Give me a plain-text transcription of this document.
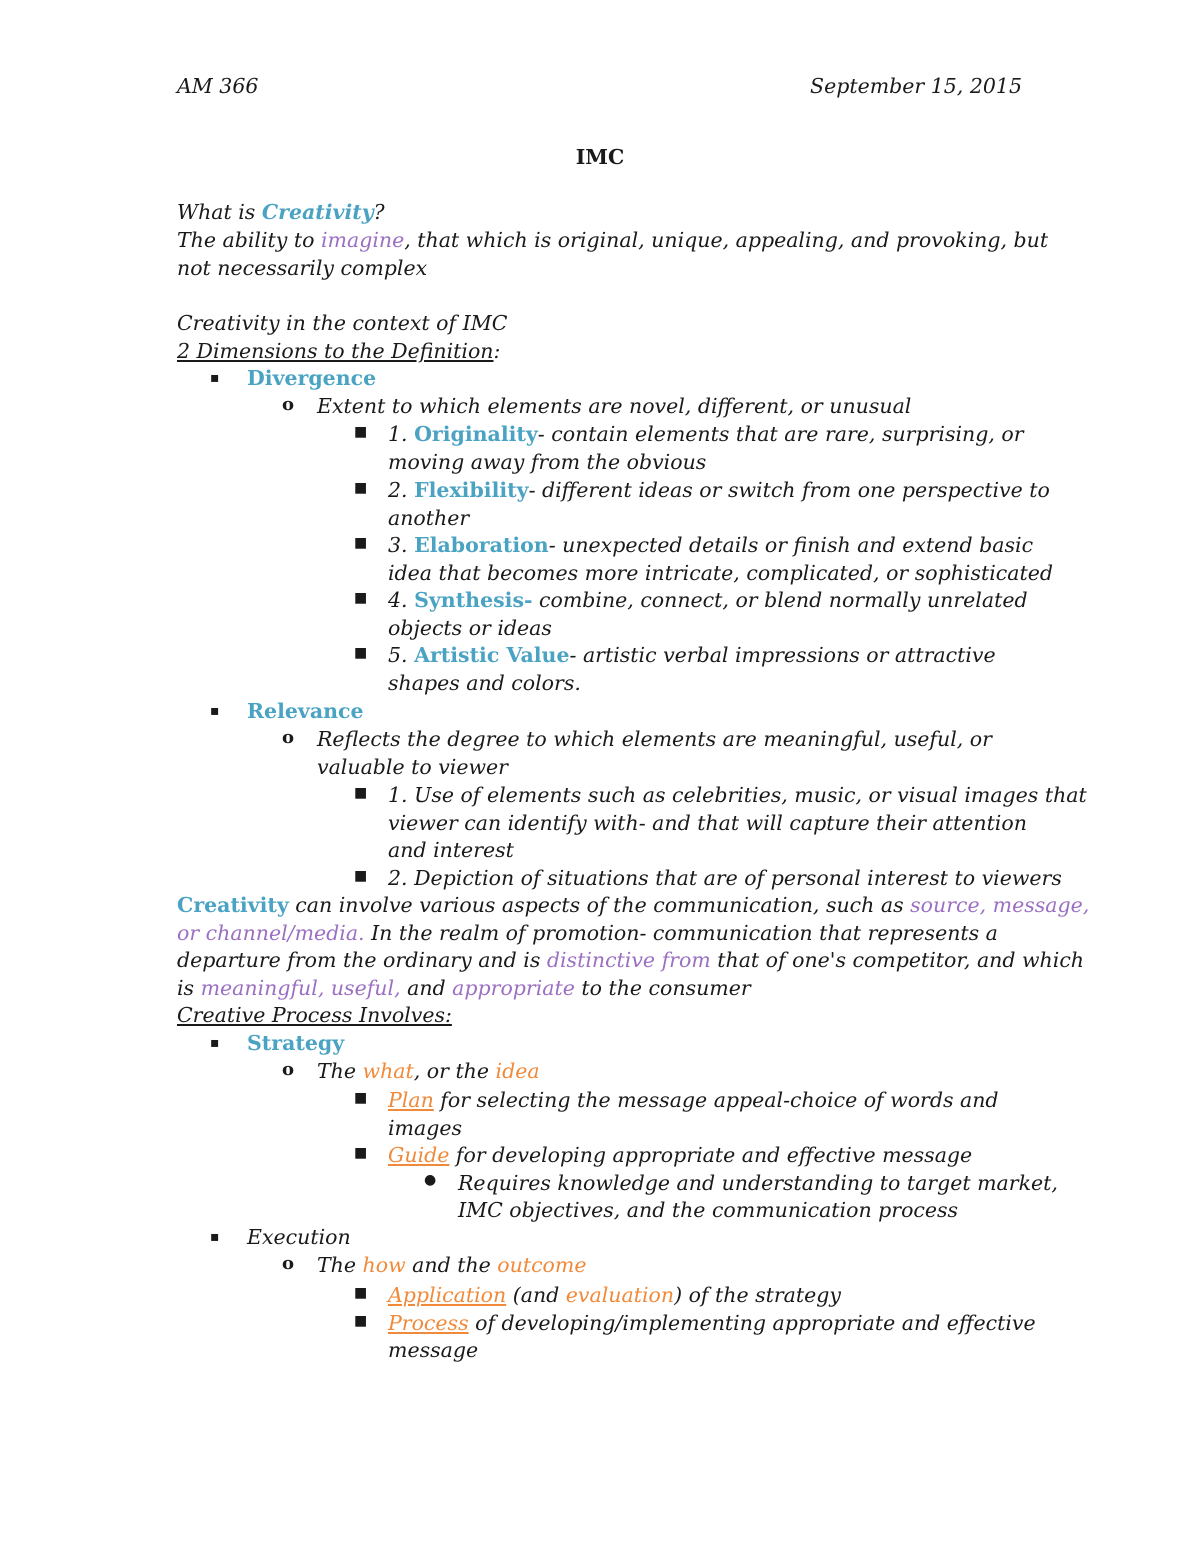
AM 366	September 15, 2015
IMC
What is Creativity?
The ability to imagine, that which is original, unique, appealing, and provoking, but
not necessarily complex
Creativity in the context of IMC
2 Dimensions to the Definition:
▪ Divergence
o Extent to which elements are novel, different, or unusual
■ 1. Originality- contain elements that are rare, surprising, or
moving away from the obvious
■ 2. Flexibility- different ideas or switch from one perspective to
another
■ 3. Elaboration- unexpected details or finish and extend basic
idea that becomes more intricate, complicated, or sophisticated
■ 4. Synthesis- combine, connect, or blend normally unrelated
objects or ideas
■ 5. Artistic Value- artistic verbal impressions or attractive
shapes and colors.
▪ Relevance
o Reflects the degree to which elements are meaningful, useful, or
valuable to viewer
■ 1. Use of elements such as celebrities, music, or visual images that
viewer can identify with- and that will capture their attention
and interest
■ 2. Depiction of situations that are of personal interest to viewers
Creativity can involve various aspects of the communication, such as source, message,
or channel/media. In the realm of promotion- communication that represents a
departure from the ordinary and is distinctive from that of one's competitor, and which
is meaningful, useful, and appropriate to the consumer
Creative Process Involves:
▪ Strategy
o The what, or the idea
■ Plan for selecting the message appeal-choice of words and
images
■ Guide for developing appropriate and effective message
● Requires knowledge and understanding to target market,
IMC objectives, and the communication process
▪ Execution
o The how and the outcome
■ Application (and evaluation) of the strategy
■ Process of developing/implementing appropriate and effective
message
